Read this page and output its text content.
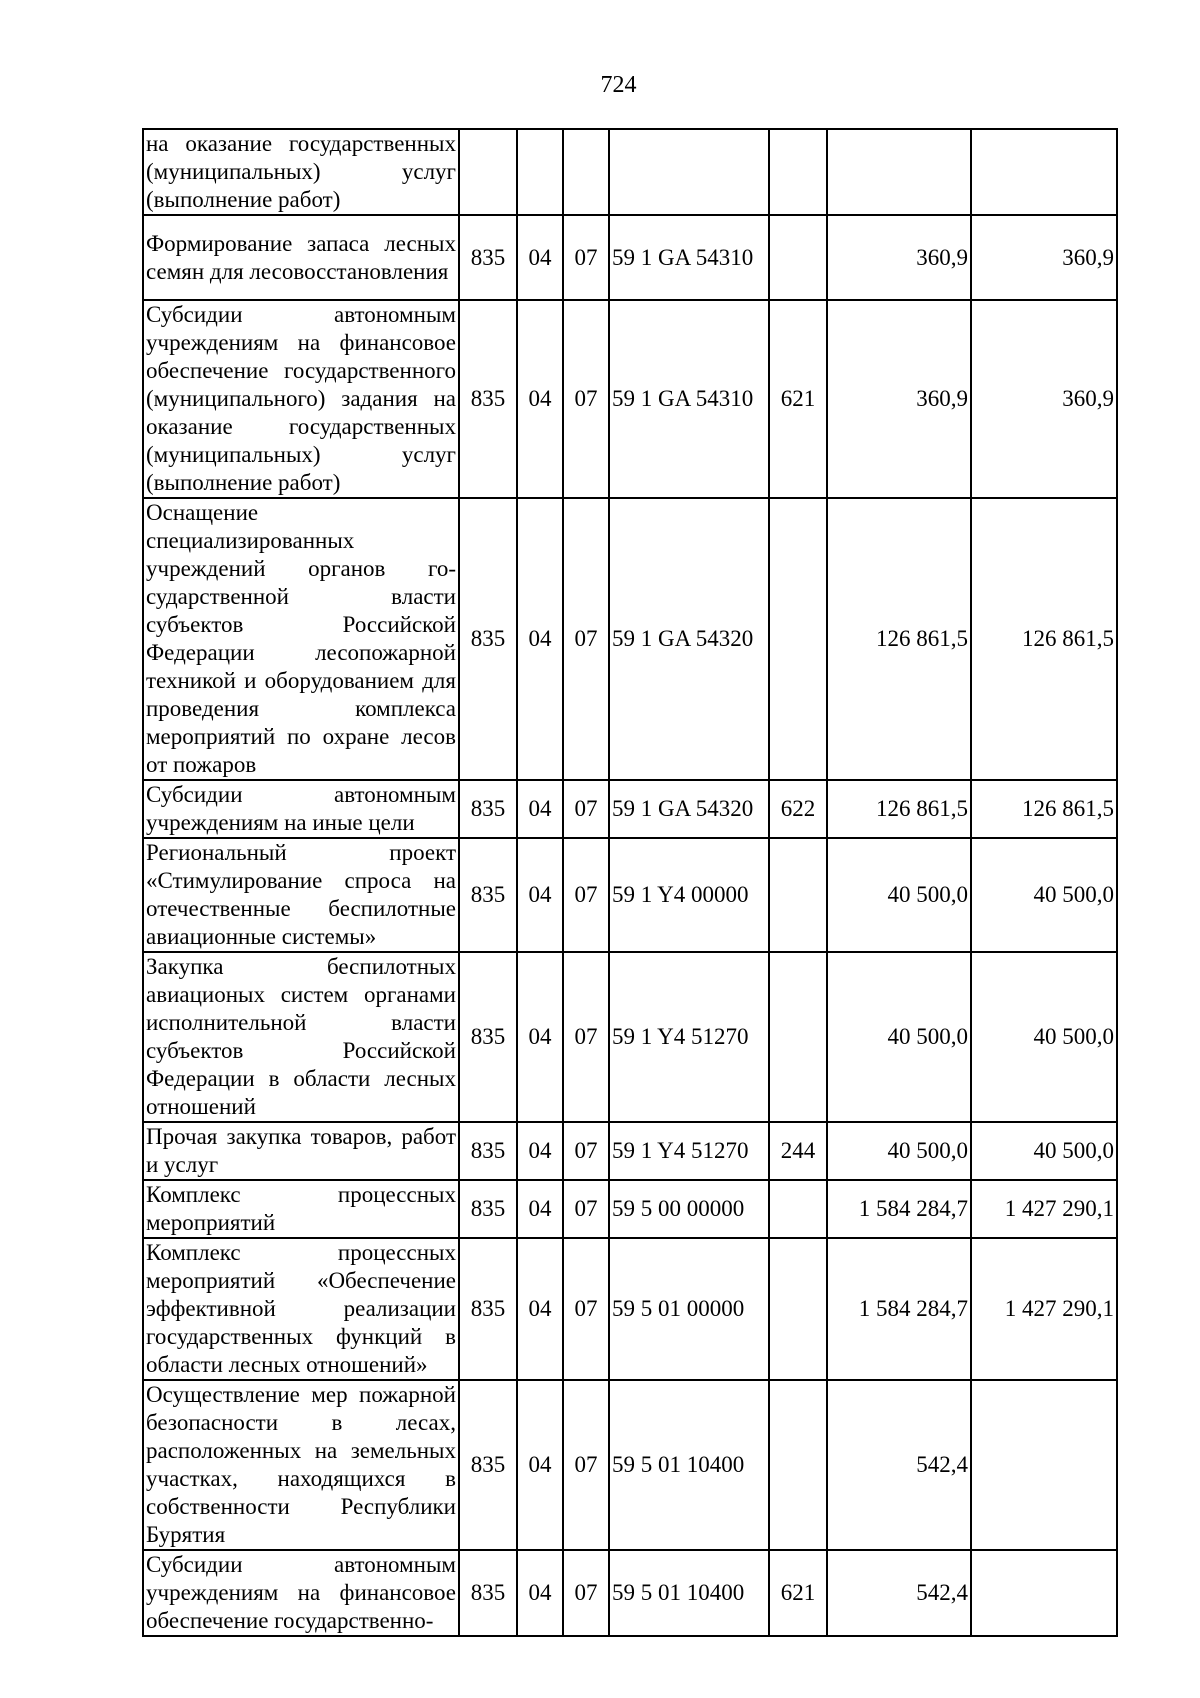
724
на оказание государственных (муниципальных) услуг (выполнение работ)							
Формирование запаса лесных семян для лесовосстановления	835	04	07	59 1 GA 54310		360,9	360,9
Субсидии автономным учреждениям на финансовое обеспечение государственного (муниципального) задания на оказание государственных (муниципальных) услуг (выполнение работ)	835	04	07	59 1 GA 54310	621	360,9	360,9
Оснащение специализированных учреждений органов го-сударственной власти субъектов Российской Федерации лесопожарной техникой и оборудованием для проведения комплекса мероприятий по охране лесов от пожаров	835	04	07	59 1 GA 54320		126 861,5	126 861,5
Субсидии автономным учреждениям на иные цели	835	04	07	59 1 GA 54320	622	126 861,5	126 861,5
Региональный проект «Стимулирование спроса на отечественные беспилотные авиационные системы»	835	04	07	59 1 Y4 00000		40 500,0	40 500,0
Закупка беспилотных авиационых систем органами исполнительной власти субъектов Российской Федерации в области лесных отношений	835	04	07	59 1 Y4 51270		40 500,0	40 500,0
Прочая закупка товаров, работ и услуг	835	04	07	59 1 Y4 51270	244	40 500,0	40 500,0
Комплекс процессных мероприятий	835	04	07	59 5 00 00000		1 584 284,7	1 427 290,1
Комплекс процессных мероприятий «Обеспечение эффективной реализации государственных функций в области лесных отношений»	835	04	07	59 5 01 00000		1 584 284,7	1 427 290,1
Осуществление мер пожарной безопасности в лесах, расположенных на земельных участках, находящихся в собственности Республики Бурятия	835	04	07	59 5 01 10400		542,4	
Субсидии автономным учреждениям на финансовое обеспечение государственно-	835	04	07	59 5 01 10400	621	542,4	
